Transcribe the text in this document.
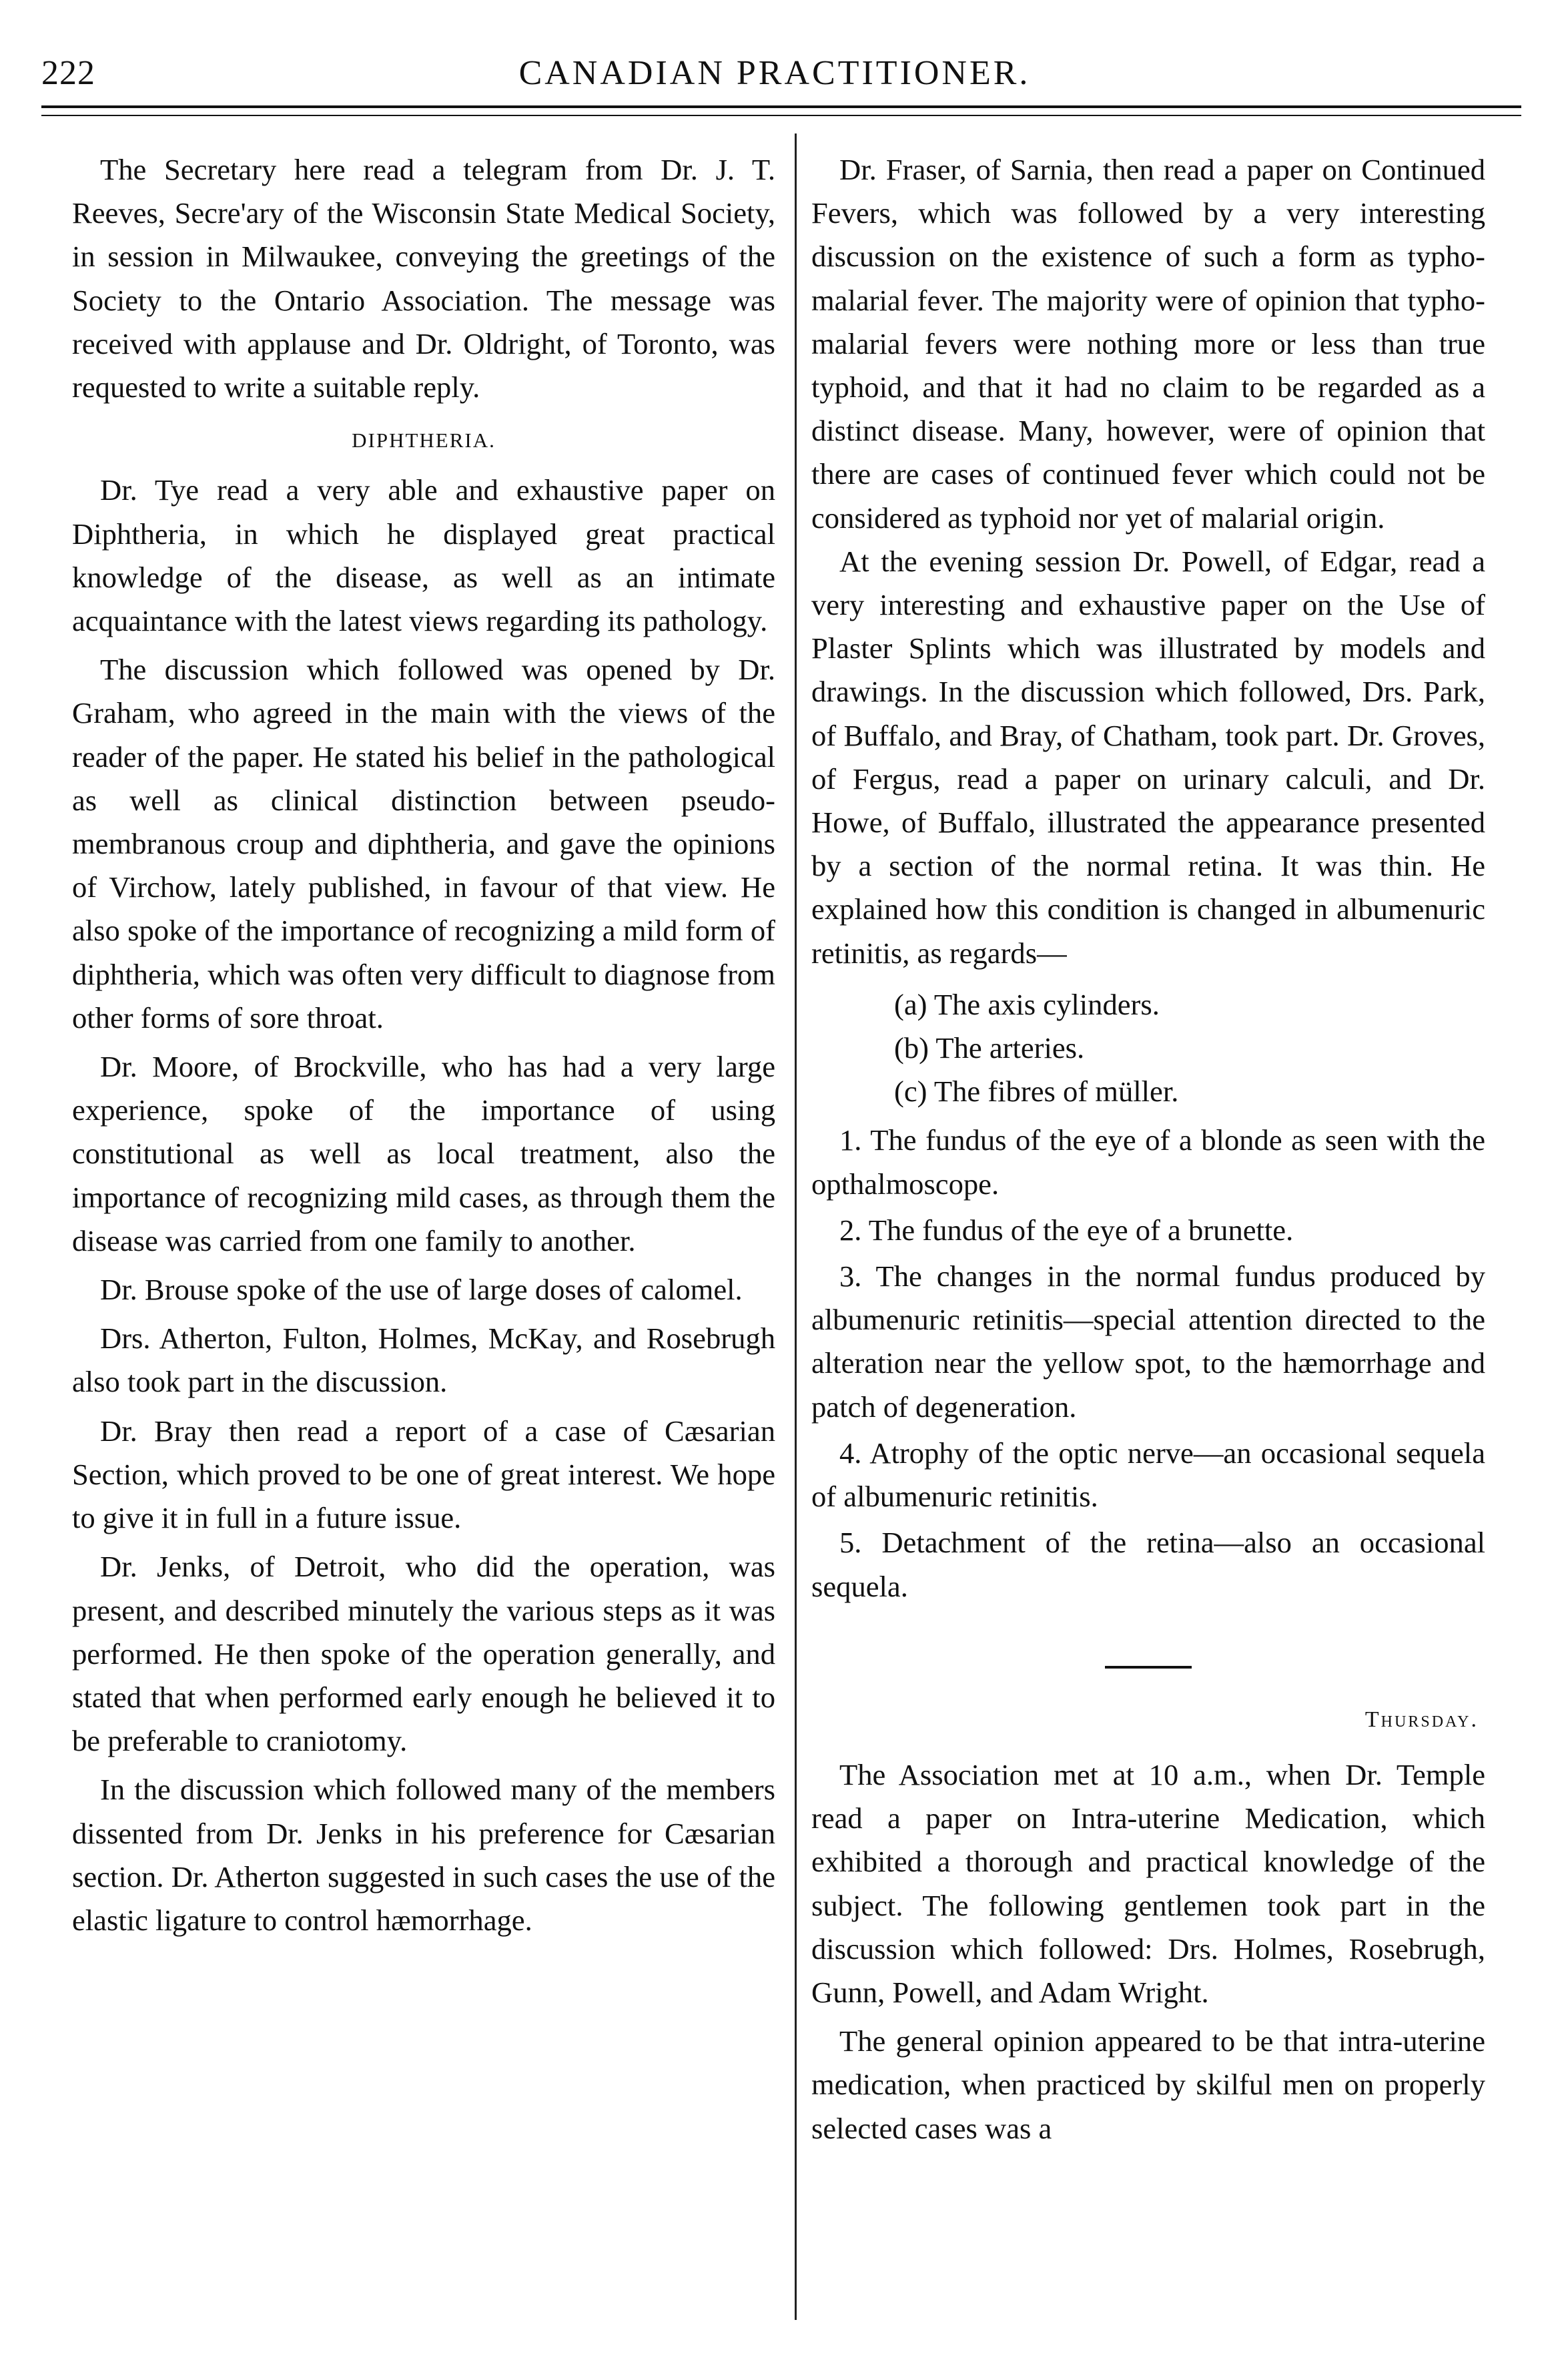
222	CANADIAN PRACTITIONER.

The Secretary here read a telegram from Dr. J. T. Reeves, Secre'ary of the Wisconsin State Medical Society, in session in Milwaukee, conveying the greetings of the Society to the Ontario Association. The message was received with applause and Dr. Oldright, of Toronto, was requested to write a suitable reply.

DIPHTHERIA.

Dr. Tye read a very able and exhaustive paper on Diphtheria, in which he displayed great practical knowledge of the disease, as well as an intimate acquaintance with the latest views regarding its pathology.

The discussion which followed was opened by Dr. Graham, who agreed in the main with the views of the reader of the paper. He stated his belief in the pathological as well as clinical distinction between pseudo-membranous croup and diphtheria, and gave the opinions of Virchow, lately published, in favour of that view. He also spoke of the importance of recognizing a mild form of diphtheria, which was often very difficult to diagnose from other forms of sore throat.

Dr. Moore, of Brockville, who has had a very large experience, spoke of the importance of using constitutional as well as local treatment, also the importance of recognizing mild cases, as through them the disease was carried from one family to another.

Dr. Brouse spoke of the use of large doses of calomel.

Drs. Atherton, Fulton, Holmes, McKay, and Rosebrugh also took part in the discussion.

Dr. Bray then read a report of a case of Cæsarian Section, which proved to be one of great interest. We hope to give it in full in a future issue.

Dr. Jenks, of Detroit, who did the operation, was present, and described minutely the various steps as it was performed. He then spoke of the operation generally, and stated that when performed early enough he believed it to be preferable to craniotomy.

In the discussion which followed many of the members dissented from Dr. Jenks in his preference for Cæsarian section. Dr. Atherton suggested in such cases the use of the elastic ligature to control hæmorrhage.

Dr. Fraser, of Sarnia, then read a paper on Continued Fevers, which was followed by a very interesting discussion on the existence of such a form as typho-malarial fever. The majority were of opinion that typho-malarial fevers were nothing more or less than true typhoid, and that it had no claim to be regarded as a distinct disease. Many, however, were of opinion that there are cases of continued fever which could not be considered as typhoid nor yet of malarial origin.

At the evening session Dr. Powell, of Edgar, read a very interesting and exhaustive paper on the Use of Plaster Splints which was illustrated by models and drawings. In the discussion which followed, Drs. Park, of Buffalo, and Bray, of Chatham, took part. Dr. Groves, of Fergus, read a paper on urinary calculi, and Dr. Howe, of Buffalo, illustrated the appearance presented by a section of the normal retina. It was thin. He explained how this condition is changed in albumenuric retinitis, as regards—

(a) The axis cylinders.

(b) The arteries.

(c) The fibres of müller.

1. The fundus of the eye of a blonde as seen with the opthalmoscope.

2. The fundus of the eye of a brunette.

3. The changes in the normal fundus produced by albumenuric retinitis—special attention directed to the alteration near the yellow spot, to the hæmorrhage and patch of degeneration.

4. Atrophy of the optic nerve—an occasional sequela of albumenuric retinitis.

5. Detachment of the retina—also an occasional sequela.

Thursday.

The Association met at 10 a.m., when Dr. Temple read a paper on Intra-uterine Medication, which exhibited a thorough and practical knowledge of the subject. The following gentlemen took part in the discussion which followed: Drs. Holmes, Rosebrugh, Gunn, Powell, and Adam Wright.

The general opinion appeared to be that intra-uterine medication, when practiced by skilful men on properly selected cases was a
